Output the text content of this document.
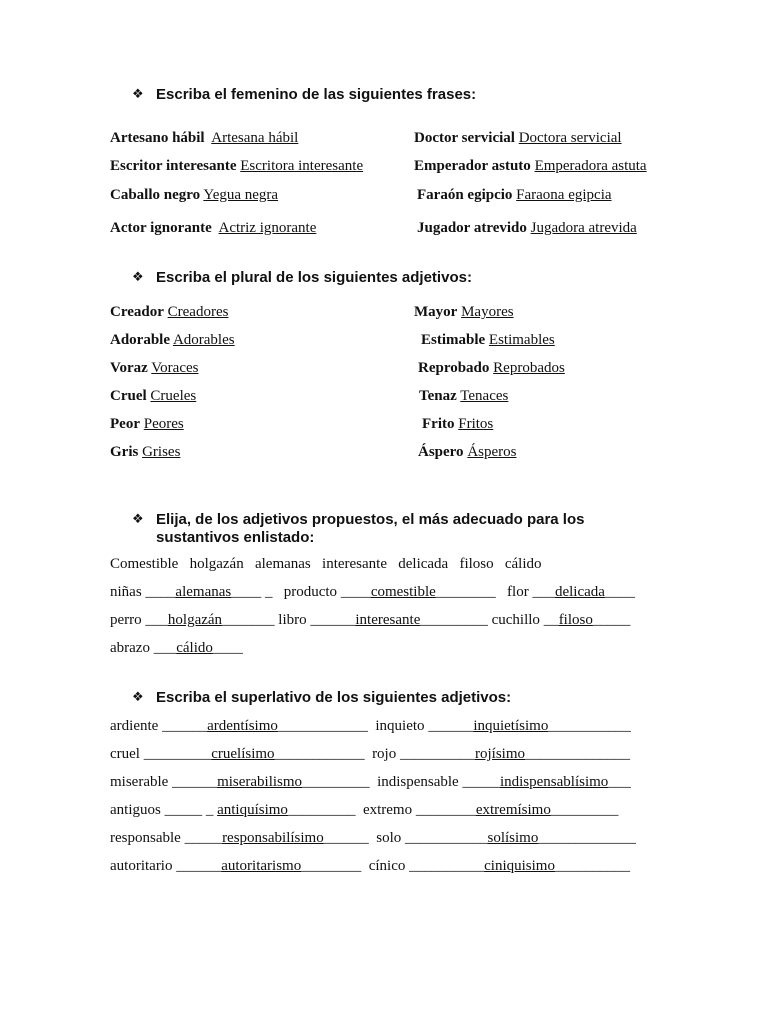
❖ Escriba el femenino de las siguientes frases:
Artesano hábil Artesana hábil
Escritor interesante Escritora interesante
Caballo negro Yegua negra
Actor ignorante Actriz ignorante
Doctor servicial Doctora servicial
Emperador astuto Emperadora astuta
Faraón egipcio Faraona egipcia
Jugador atrevido Jugadora atrevida
❖ Escriba el plural de los siguientes adjetivos:
Creador Creadores
Adorable Adorables
Voraz Voraces
Cruel Crueles
Peor Peores
Gris Grises
Mayor Mayores
Estimable Estimables
Reprobado Reprobados
Tenaz Tenaces
Frito Fritos
Áspero Ásperos
❖ Elija, de los adjetivos propuestos, el más adecuado para los
sustantivos enlistado:
Comestible   holgazán   alemanas   interesante   delicada   filoso   cálido
niñas ____alemanas____ _ producto ____comestible________ flor ___delicada____
perro ___holgazán_______ libro ______interesante_________ cuchillo __filoso_____
abrazo ___cálido____
❖ Escriba el superlativo de los siguientes adjetivos:
ardiente ______ardentísimo____________ inquieto ______inquietísimo___________
cruel _________cruelísimo____________ rojo __________rojísimo______________
miserable ______miserabilismo_________ indispensable _____indispensablísimo___
antiguos _____ _ antiquísimo_________ extremo ________extremísimo_________
responsable _____responsabilísimo______ solo ___________solísimo_____________
autoritario ______autoritarismo________ cínico __________ciniquisimo__________
